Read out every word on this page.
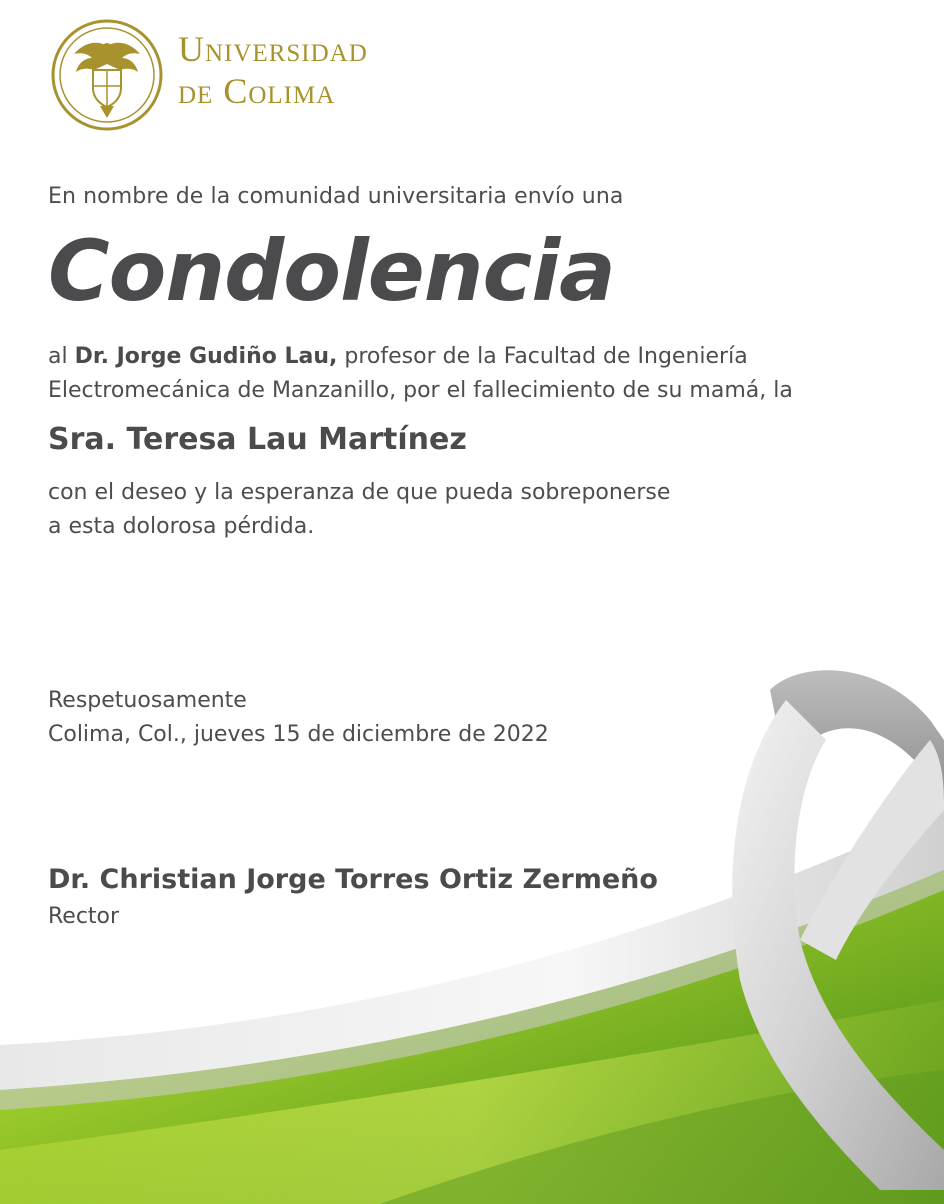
Universidad
de Colima

En nombre de la comunidad universitaria envío una

Condolencia

al Dr. Jorge Gudiño Lau, profesor de la Facultad de Ingeniería
Electromecánica de Manzanillo, por el fallecimiento de su mamá, la

Sra. Teresa Lau Martínez

con el deseo y la esperanza de que pueda sobreponerse
a esta dolorosa pérdida.

Respetuosamente
Colima, Col., jueves 15 de diciembre de 2022

Dr. Christian Jorge Torres Ortiz Zermeño

Rector
